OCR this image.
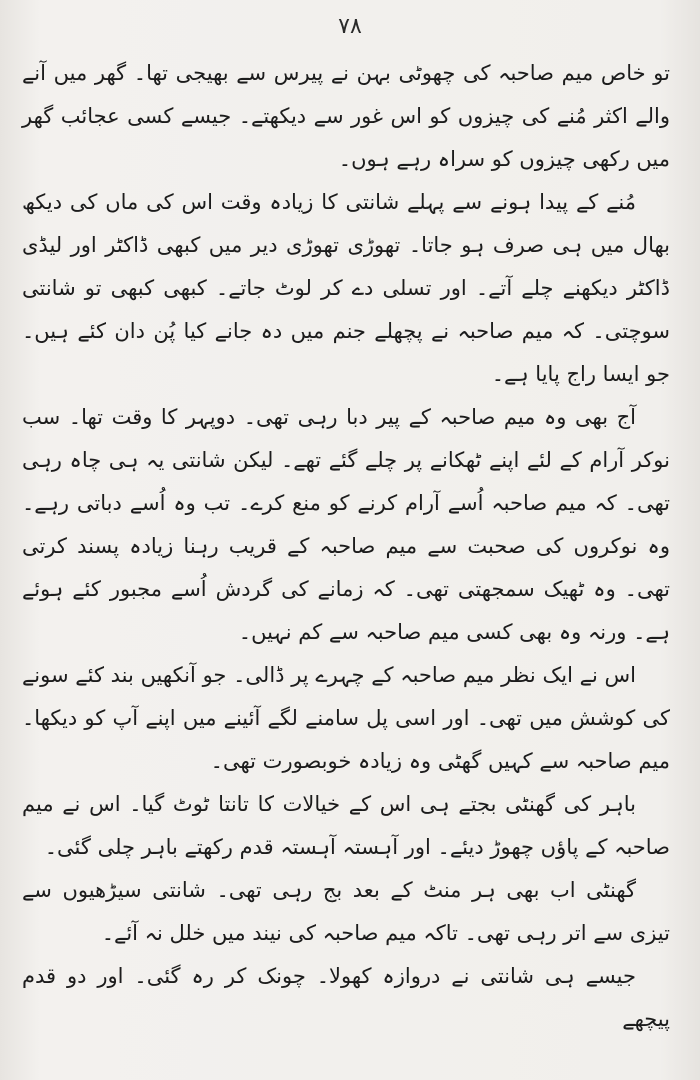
۷۸

تو خاص میم صاحبہ کی چھوٹی بہن نے پیرس سے بھیجی تھا۔ گھر میں آنے والے اکثر مُنے کی چیزوں کو اس غور سے دیکھتے۔ جیسے کسی عجائب گھر میں رکھی چیزوں کو سراہ رہے ہوں۔

مُنے کے پیدا ہونے سے پہلے شانتی کا زیادہ وقت اس کی ماں کی دیکھ بھال میں ہی صرف ہو جاتا۔ تھوڑی تھوڑی دیر میں کبھی ڈاکٹر اور لیڈی ڈاکٹر دیکھنے چلے آتے۔ اور تسلی دے کر لوٹ جاتے۔ کبھی کبھی تو شانتی سوچتی۔ کہ میم صاحبہ نے پچھلے جنم میں دہ جانے کیا پُن دان کئے ہیں۔ جو ایسا راج پایا ہے۔

آج بھی وہ میم صاحبہ کے پیر دبا رہی تھی۔ دوپہر کا وقت تھا۔ سب نوکر آرام کے لئے اپنے ٹھکانے پر چلے گئے تھے۔ لیکن شانتی یہ ہی چاہ رہی تھی۔ کہ میم صاحبہ اُسے آرام کرنے کو منع کرے۔ تب وہ اُسے دباتی رہے۔ وہ نوکروں کی صحبت سے میم صاحبہ کے قریب رہنا زیادہ پسند کرتی تھی۔ وہ ٹھیک سمجھتی تھی۔ کہ زمانے کی گردش اُسے مجبور کئے ہوئے ہے۔ ورنہ وہ بھی کسی میم صاحبہ سے کم نہیں۔

اس نے ایک نظر میم صاحبہ کے چہرے پر ڈالی۔ جو آنکھیں بند کئے سونے کی کوشش میں تھی۔ اور اسی پل سامنے لگے آئینے میں اپنے آپ کو دیکھا۔ میم صاحبہ سے کہیں گھٹی وہ زیادہ خوبصورت تھی۔

باہر کی گھنٹی بجتے ہی اس کے خیالات کا تانتا ٹوٹ گیا۔ اس نے میم صاحبہ کے پاؤں چھوڑ دیئے۔ اور آہستہ آہستہ قدم رکھتے باہر چلی گئی۔

گھنٹی اب بھی ہر منٹ کے بعد بج رہی تھی۔ شانتی سیڑھیوں سے تیزی سے اتر رہی تھی۔ تاکہ میم صاحبہ کی نیند میں خلل نہ آئے۔

جیسے ہی شانتی نے دروازہ کھولا۔ چونک کر رہ گئی۔ اور دو قدم پیچھے
